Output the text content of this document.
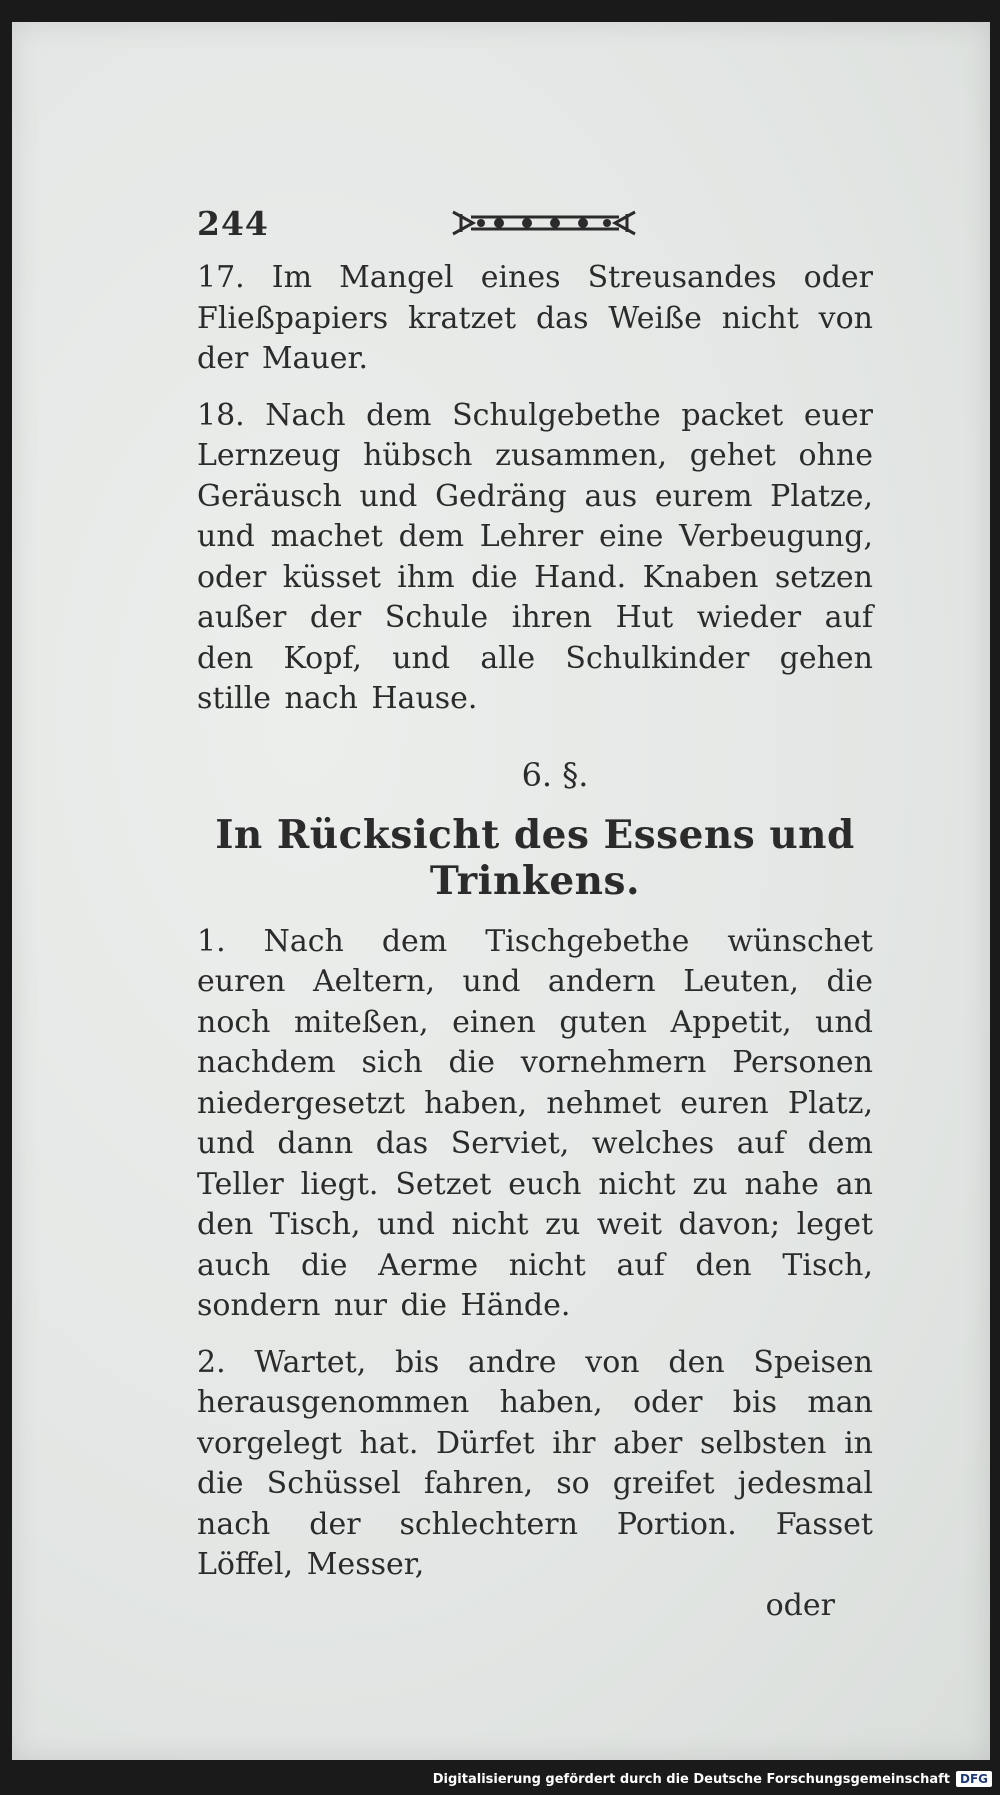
244

17. Im Mangel eines Streusandes oder Fließpapiers kratzet das Weiße nicht von der Mauer.

18. Nach dem Schulgebethe packet euer Lernzeug hübsch zusammen, gehet ohne Geräusch und Gedräng aus eurem Platze, und machet dem Lehrer eine Verbeugung, oder küsset ihm die Hand. Knaben setzen außer der Schule ihren Hut wieder auf den Kopf, und alle Schulkinder gehen stille nach Hause.

6. §.
In Rücksicht des Essens und Trinkens.

1. Nach dem Tischgebethe wünschet euren Aeltern, und andern Leuten, die noch miteßen, einen guten Appetit, und nachdem sich die vornehmern Personen niedergesetzt haben, nehmet euren Platz, und dann das Serviet, welches auf dem Teller liegt. Setzet euch nicht zu nahe an den Tisch, und nicht zu weit davon; leget auch die Aerme nicht auf den Tisch, sondern nur die Hände.

2. Wartet, bis andre von den Speisen herausgenommen haben, oder bis man vorgelegt hat. Dürfet ihr aber selbsten in die Schüssel fahren, so greifet jedesmal nach der schlechtern Portion. Fasset Löffel, Messer,

oder
Digitalisierung gefördert durch die Deutsche Forschungsgemeinschaft DFG
